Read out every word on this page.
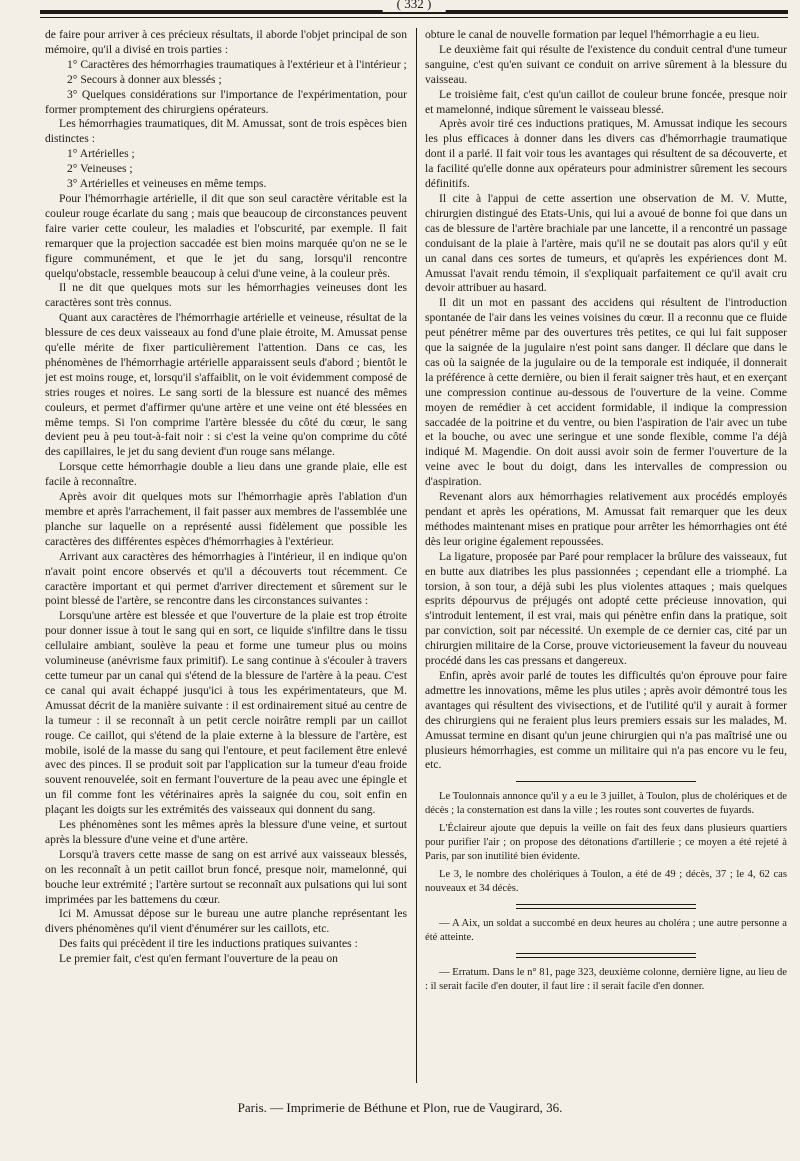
( 332 )

de faire pour arriver à ces précieux résultats, il aborde l'objet principal de son mémoire, qu'il a divisé en trois parties :

1° Caractères des hémorrhagies traumatiques à l'extérieur et à l'intérieur ;

2° Secours à donner aux blessés ;

3° Quelques considérations sur l'importance de l'expérimentation, pour former promptement des chirurgiens opérateurs.

Les hémorrhagies traumatiques, dit M. Amussat, sont de trois espèces bien distinctes :

1° Artérielles ;

2° Veineuses ;

3° Artérielles et veineuses en même temps.

Pour l'hémorrhagie artérielle, il dit que son seul caractère véritable est la couleur rouge écarlate du sang ; mais que beaucoup de circonstances peuvent faire varier cette couleur, les maladies et l'obscurité, par exemple. Il fait remarquer que la projection saccadée est bien moins marquée qu'on ne se le figure communément, et que le jet du sang, lorsqu'il rencontre quelqu'obstacle, ressemble beaucoup à celui d'une veine, à la couleur près.

Il ne dit que quelques mots sur les hémorrhagies veineuses dont les caractères sont très connus.

Quant aux caractères de l'hémorrhagie artérielle et veineuse, résultat de la blessure de ces deux vaisseaux au fond d'une plaie étroite, M. Amussat pense qu'elle mérite de fixer particulièrement l'attention. Dans ce cas, les phénomènes de l'hémorrhagie artérielle apparaissent seuls d'abord ; bientôt le jet est moins rouge, et, lorsqu'il s'affaiblit, on le voit évidemment composé de stries rouges et noires. Le sang sorti de la blessure est nuancé des mêmes couleurs, et permet d'affirmer qu'une artère et une veine ont été blessées en même temps. Si l'on comprime l'artère blessée du côté du cœur, le sang devient peu à peu tout-à-fait noir : si c'est la veine qu'on comprime du côté des capillaires, le jet du sang devient d'un rouge sans mélange.

Lorsque cette hémorrhagie double a lieu dans une grande plaie, elle est facile à reconnaître.

Après avoir dit quelques mots sur l'hémorrhagie après l'ablation d'un membre et après l'arrachement, il fait passer aux membres de l'assemblée une planche sur laquelle on a représenté aussi fidèlement que possible les caractères des différentes espèces d'hémorrhagies à l'extérieur.

Arrivant aux caractères des hémorrhagies à l'intérieur, il en indique qu'on n'avait point encore observés et qu'il a découverts tout récemment. Ce caractère important et qui permet d'arriver directement et sûrement sur le point blessé de l'artère, se rencontre dans les circonstances suivantes :

Lorsqu'une artère est blessée et que l'ouverture de la plaie est trop étroite pour donner issue à tout le sang qui en sort, ce liquide s'infiltre dans le tissu cellulaire ambiant, soulève la peau et forme une tumeur plus ou moins volumineuse (anévrisme faux primitif). Le sang continue à s'écouler à travers cette tumeur par un canal qui s'étend de la blessure de l'artère à la peau. C'est ce canal qui avait échappé jusqu'ici à tous les expérimentateurs, que M. Amussat décrit de la manière suivante : il est ordinairement situé au centre de la tumeur : il se reconnaît à un petit cercle noirâtre rempli par un caillot rouge. Ce caillot, qui s'étend de la plaie externe à la blessure de l'artère, est mobile, isolé de la masse du sang qui l'entoure, et peut facilement être enlevé avec des pinces. Il se produit soit par l'application sur la tumeur d'eau froide souvent renouvelée, soit en fermant l'ouverture de la peau avec une épingle et un fil comme font les vétérinaires après la saignée du cou, soit enfin en plaçant les doigts sur les extrémités des vaisseaux qui donnent du sang.

Les phénomènes sont les mêmes après la blessure d'une veine, et surtout après la blessure d'une veine et d'une artère.

Lorsqu'à travers cette masse de sang on est arrivé aux vaisseaux blessés, on les reconnaît à un petit caillot brun foncé, presque noir, mamelonné, qui bouche leur extrémité ; l'artère surtout se reconnaît aux pulsations qui lui sont imprimées par les battemens du cœur.

Ici M. Amussat dépose sur le bureau une autre planche représentant les divers phénomènes qu'il vient d'énumérer sur les caillots, etc.

Des faits qui précèdent il tire les inductions pratiques suivantes :

Le premier fait, c'est qu'en fermant l'ouverture de la peau on

obture le canal de nouvelle formation par lequel l'hémorrhagie a eu lieu.

Le deuxième fait qui résulte de l'existence du conduit central d'une tumeur sanguine, c'est qu'en suivant ce conduit on arrive sûrement à la blessure du vaisseau.

Le troisième fait, c'est qu'un caillot de couleur brune foncée, presque noir et mamelonné, indique sûrement le vaisseau blessé.

Après avoir tiré ces inductions pratiques, M. Amussat indique les secours les plus efficaces à donner dans les divers cas d'hémorrhagie traumatique dont il a parlé. Il fait voir tous les avantages qui résultent de sa découverte, et la facilité qu'elle donne aux opérateurs pour administrer sûrement les secours définitifs.

Il cite à l'appui de cette assertion une observation de M. V. Mutte, chirurgien distingué des Etats-Unis, qui lui a avoué de bonne foi que dans un cas de blessure de l'artère brachiale par une lancette, il a rencontré un passage conduisant de la plaie à l'artère, mais qu'il ne se doutait pas alors qu'il y eût un canal dans ces sortes de tumeurs, et qu'après les expériences dont M. Amussat l'avait rendu témoin, il s'expliquait parfaitement ce qu'il avait cru devoir attribuer au hasard.

Il dit un mot en passant des accidens qui résultent de l'introduction spontanée de l'air dans les veines voisines du cœur. Il a reconnu que ce fluide peut pénétrer même par des ouvertures très petites, ce qui lui fait supposer que la saignée de la jugulaire n'est point sans danger. Il déclare que dans le cas où la saignée de la jugulaire ou de la temporale est indiquée, il donnerait la préférence à cette dernière, ou bien il ferait saigner très haut, et en exerçant une compression continue au-dessous de l'ouverture de la veine. Comme moyen de remédier à cet accident formidable, il indique la compression saccadée de la poitrine et du ventre, ou bien l'aspiration de l'air avec un tube et la bouche, ou avec une seringue et une sonde flexible, comme l'a déjà indiqué M. Magendie. On doit aussi avoir soin de fermer l'ouverture de la veine avec le bout du doigt, dans les intervalles de compression ou d'aspiration.

Revenant alors aux hémorrhagies relativement aux procédés employés pendant et après les opérations, M. Amussat fait remarquer que les deux méthodes maintenant mises en pratique pour arrêter les hémorrhagies ont été dès leur origine également repoussées.

La ligature, proposée par Paré pour remplacer la brûlure des vaisseaux, fut en butte aux diatribes les plus passionnées ; cependant elle a triomphé. La torsion, à son tour, a déjà subi les plus violentes attaques ; mais quelques esprits dépourvus de préjugés ont adopté cette précieuse innovation, qui s'introduit lentement, il est vrai, mais qui pénètre enfin dans la pratique, soit par conviction, soit par nécessité. Un exemple de ce dernier cas, cité par un chirurgien militaire de la Corse, prouve victorieusement la faveur du nouveau procédé dans les cas pressans et dangereux.

Enfin, après avoir parlé de toutes les difficultés qu'on éprouve pour faire admettre les innovations, même les plus utiles ; après avoir démontré tous les avantages qui résultent des vivisections, et de l'utilité qu'il y aurait à former des chirurgiens qui ne feraient plus leurs premiers essais sur les malades, M. Amussat termine en disant qu'un jeune chirurgien qui n'a pas maîtrisé une ou plusieurs hémorrhagies, est comme un militaire qui n'a pas encore vu le feu, etc.

Le Toulonnais annonce qu'il y a eu le 3 juillet, à Toulon, plus de cholériques et de décès ; la consternation est dans la ville ; les routes sont couvertes de fuyards.

L'Éclaireur ajoute que depuis la veille on fait des feux dans plusieurs quartiers pour purifier l'air ; on propose des détonations d'artillerie ; ce moyen a été rejeté à Paris, par son inutilité bien évidente.

Le 3, le nombre des cholériques à Toulon, a été de 49 ; décès, 37 ; le 4, 62 cas nouveaux et 34 décès.

— A Aix, un soldat a succombé en deux heures au choléra ; une autre personne a été atteinte.

— Erratum. Dans le n° 81, page 323, deuxième colonne, dernière ligne, au lieu de : il serait facile d'en douter, il faut lire : il serait facile d'en donner.

Paris. — Imprimerie de Béthune et Plon, rue de Vaugirard, 36.
